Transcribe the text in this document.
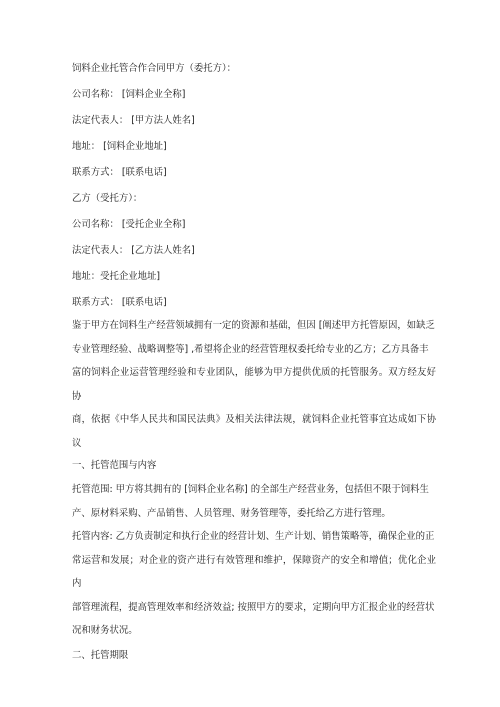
饲料企业托管合作合同甲方（委托方）：

公司名称： [饲料企业全称]

法定代表人： [甲方法人姓名]

地址： [饲料企业地址]

联系方式： [联系电话]

乙方（受托方）：

公司名称： [受托企业全称]

法定代表人： [乙方法人姓名]

地址：受托企业地址]

联系方式： [联系电话]

鉴于甲方在饲料生产经营领域拥有一定的资源和基础，但因 [阐述甲方托管原因，如缺乏

专业管理经验、战略调整等] ,希望将企业的经营管理权委托给专业的乙方；乙方具备丰

富的饲料企业运营管理经验和专业团队，能够为甲方提供优质的托管服务。双方经友好协

商，依据《中华人民共和国民法典》及相关法律法规，就饲料企业托管事宜达成如下协议

一、托管范围与内容

托管范围: 甲方将其拥有的 [饲料企业名称] 的全部生产经营业务，包括但不限于饲料生

产、原材料采购、产品销售、人员管理、财务管理等，委托给乙方进行管理。

托管内容: 乙方负责制定和执行企业的经营计划、生产计划、销售策略等，确保企业的正

常运营和发展；对企业的资产进行有效管理和维护，保障资产的安全和增值；优化企业内

部管理流程，提高管理效率和经济效益; 按照甲方的要求，定期向甲方汇报企业的经营状

况和财务状况。

二、托管期限
